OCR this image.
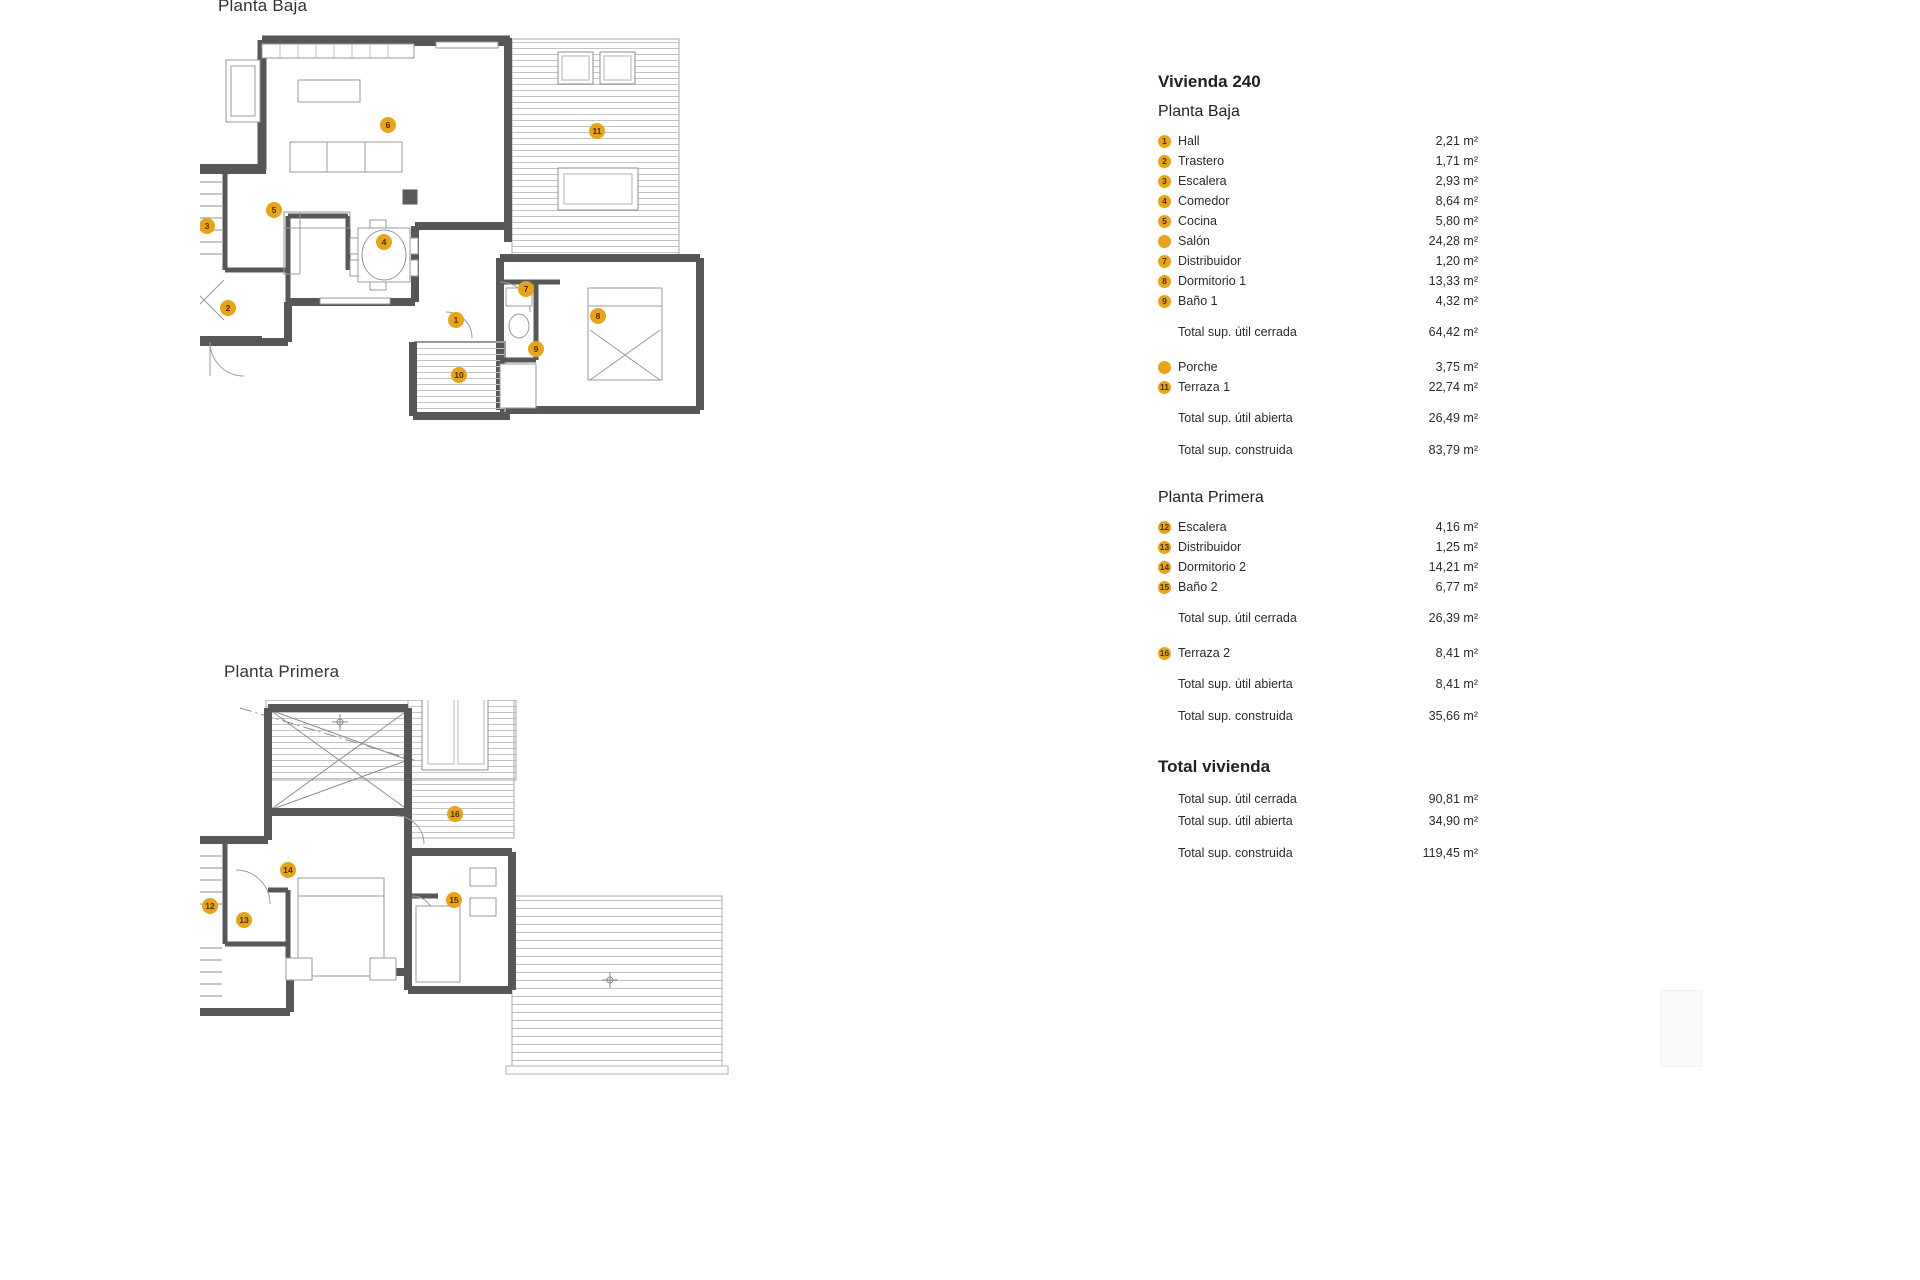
Planta Baja
1
2
3
4
5
6
7
8
9
10
11
Planta Primera
12
13
14
15
16
Vivienda 240
Planta Baja
1 Hall	2,21 m²
2 Trastero	1,71 m²
3 Escalera	2,93 m²
4 Comedor	8,64 m²
5 Cocina	5,80 m²
Salón	24,28 m²
7 Distribuidor	1,20 m²
8 Dormitorio 1	13,33 m²
9 Baño 1	4,32 m²
Total sup. útil cerrada	64,42 m²
Porche	3,75 m²
11 Terraza 1	22,74 m²
Total sup. útil abierta	26,49 m²
Total sup. construida	83,79 m²
Planta Primera
12 Escalera	4,16 m²
13 Distribuidor	1,25 m²
14 Dormitorio 2	14,21 m²
15 Baño 2	6,77 m²
Total sup. útil cerrada	26,39 m²
16 Terraza 2	8,41 m²
Total sup. útil abierta	8,41 m²
Total sup. construida	35,66 m²
Total vivienda
Total sup. útil cerrada	90,81 m²
Total sup. útil abierta	34,90 m²
Total sup. construida	119,45 m²
